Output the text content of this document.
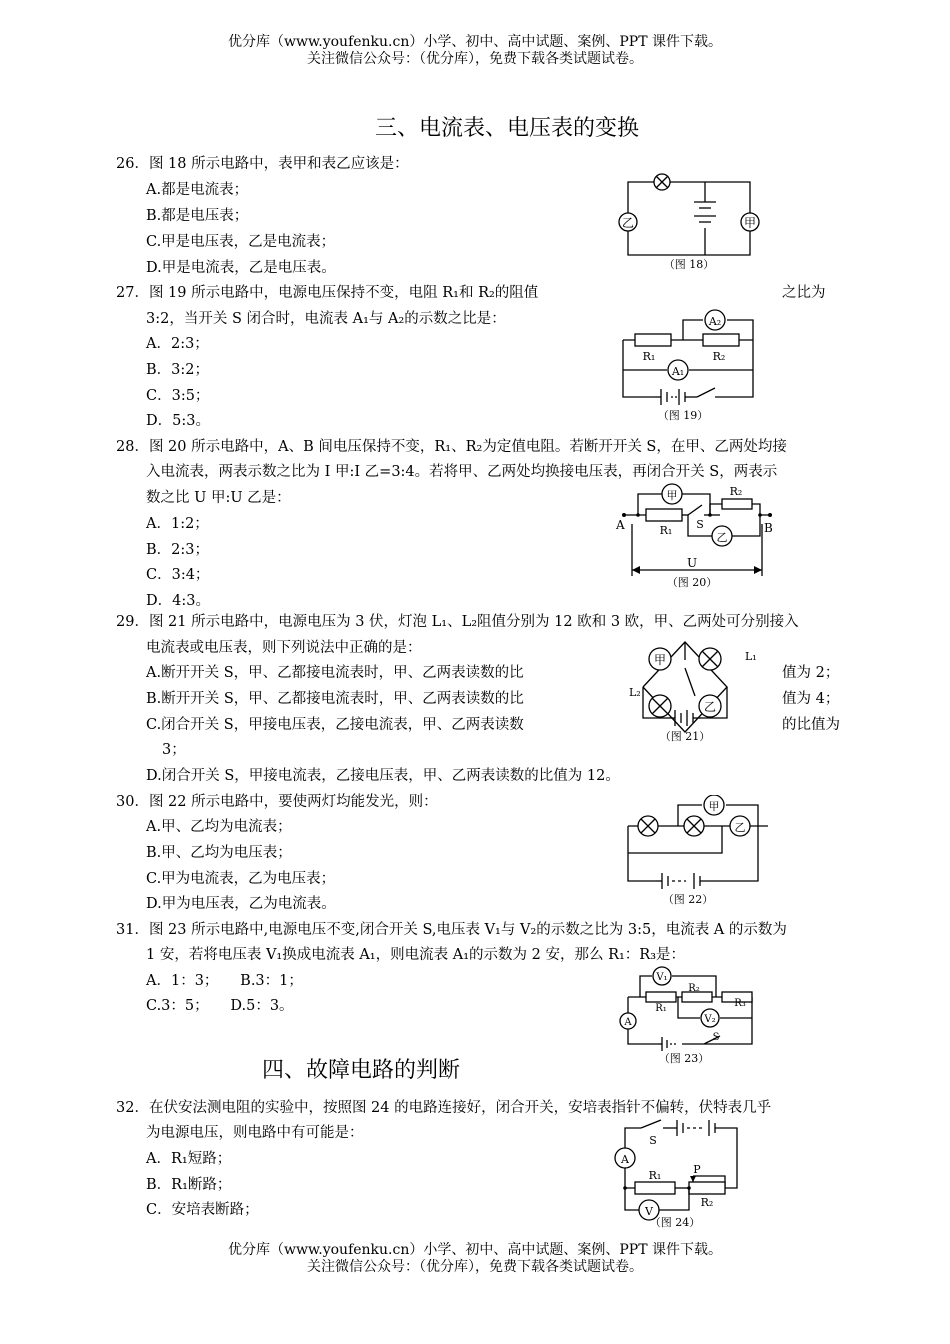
优分库（www.youfenku.cn）小学、初中、高中试题、案例、PPT 课件下载。
关注微信公众号：（优分库），免费下载各类试题试卷。
三、电流表、电压表的变换
26．图 18 所示电路中，表甲和表乙应该是：
A.都是电流表；
B.都是电压表；
C.甲是电压表，乙是电流表；
D.甲是电流表，乙是电压表。
乙	甲
（图 18）
27．图 19 所示电路中，电源电压保持不变，电阻 R₁和 R₂的阻值	之比为
3:2，当开关 S 闭合时，电流表 A₁与 A₂的示数之比是：
A．2:3；
B．3:2；
C．3:5；
D．5:3。
A₂
A₁
R₁	R₂
（图 19）
28．图 20 所示电路中，A、B 间电压保持不变，R₁、R₂为定值电阻。若断开开关 S，在甲、乙两处均接
入电流表，两表示数之比为 I 甲:I 乙=3:4。若将甲、乙两处均换接电压表，再闭合开关 S，两表示
数之比 U 甲:U 乙是：
A．1:2；
B．2:3；
C．3:4；
D．4:3。
甲
乙
R₁
R₂
S
A	B
U
（图 20）
29．图 21 所示电路中，电源电压为 3 伏，灯泡 L₁、L₂阻值分别为 12 欧和 3 欧，甲、乙两处可分别接入
电流表或电压表，则下列说法中正确的是：
A.断开开关 S，甲、乙都接电流表时，甲、乙两表读数的比	值为 2；
B.断开开关 S，甲、乙都接电流表时，甲、乙两表读数的比	值为 4；
C.闭合开关 S，甲接电压表，乙接电流表，甲、乙两表读数	的比值为
3；
D.闭合开关 S，甲接电流表，乙接电压表，甲、乙两表读数的比值为 12。
甲
乙
L₁
L₂
（图 21）
30．图 22 所示电路中，要使两灯均能发光，则：
A.甲、乙均为电流表；
B.甲、乙均为电压表；
C.甲为电流表，乙为电压表；
D.甲为电压表，乙为电流表。
甲
乙
（图 22）
31．图 23 所示电路中,电源电压不变,闭合开关 S,电压表 V₁与 V₂的示数之比为 3:5，电流表 A 的示数为
1 安，若将电压表 V₁换成电流表 A₁，则电流表 A₁的示数为 2 安，那么 R₁：R₃是：
A．1：3；　　B.3：1；
C.3：5；　　D.5：3。
V₁
V₂
R₁
R₂
R₃
A
S
（图 23）
四、故障电路的判断
32．在伏安法测电阻的实验中，按照图 24 的电路连接好，闭合开关，安培表指针不偏转，伏特表几乎
为电源电压，则电路中有可能是：
A．R₁短路；
B．R₁断路；
C．安培表断路；
A
V
S
R₁
R₂
P
（图 24）
优分库（www.youfenku.cn）小学、初中、高中试题、案例、PPT 课件下载。
关注微信公众号：（优分库），免费下载各类试题试卷。
